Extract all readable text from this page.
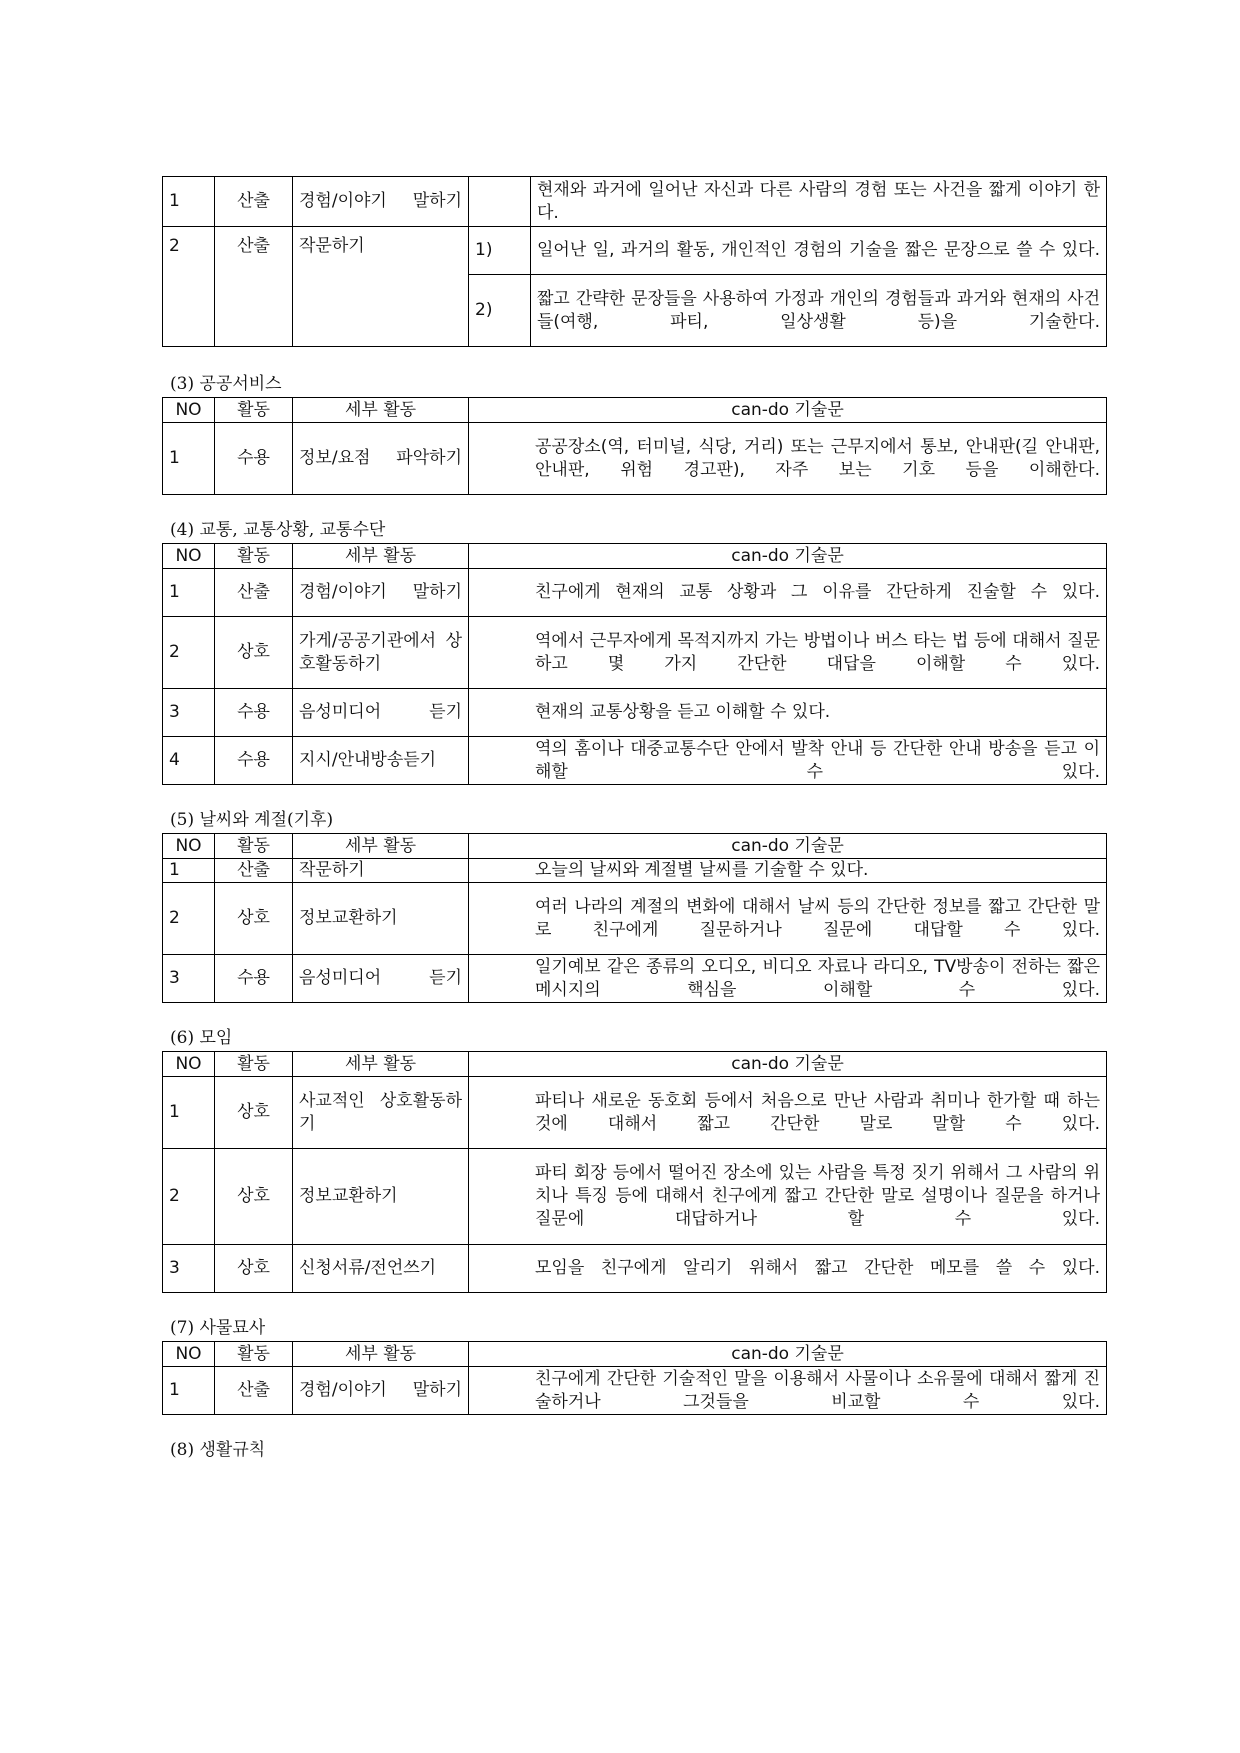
1	산출	경험/이야기 말하기		현재와 과거에 일어난 자신과 다른 사람의 경험 또는 사건을 짧게 이야기 한다.
2	산출	작문하기	1)	일어난 일, 과거의 활동, 개인적인 경험의 기술을 짧은 문장으로 쓸 수 있다.
			2)	짧고 간략한 문장들을 사용하여 가정과 개인의 경험들과 과거와 현재의 사건들(여행, 파티, 일상생활 등)을 기술한다.
(3) 공공서비스
NO	활동	세부 활동	can-do 기술문
1	수용	정보/요점 파악하기	공공장소(역, 터미널, 식당, 거리) 또는 근무지에서 통보, 안내판(길 안내판, 안내판, 위험 경고판), 자주 보는 기호 등을 이해한다.
(4) 교통, 교통상황, 교통수단
NO	활동	세부 활동	can-do 기술문
1	산출	경험/이야기 말하기	친구에게 현재의 교통 상황과 그 이유를 간단하게 진술할 수 있다.
2	상호	가게/공공기관에서 상호활동하기	역에서 근무자에게 목적지까지 가는 방법이나 버스 타는 법 등에 대해서 질문하고 몇 가지 간단한 대답을 이해할 수 있다.
3	수용	음성미디어 듣기	현재의 교통상황을 듣고 이해할 수 있다.
4	수용	지시/안내방송듣기	역의 홈이나 대중교통수단 안에서 발착 안내 등 간단한 안내 방송을 듣고 이해할 수 있다.
(5) 날씨와 계절(기후)
NO	활동	세부 활동	can-do 기술문
1	산출	작문하기	오늘의 날씨와 계절별 날씨를 기술할 수 있다.
2	상호	정보교환하기	여러 나라의 계절의 변화에 대해서 날씨 등의 간단한 정보를 짧고 간단한 말로 친구에게 질문하거나 질문에 대답할 수 있다.
3	수용	음성미디어 듣기	일기예보 같은 종류의 오디오, 비디오 자료나 라디오, TV방송이 전하는 짧은 메시지의 핵심을 이해할 수 있다.
(6) 모임
NO	활동	세부 활동	can-do 기술문
1	상호	사교적인 상호활동하기	파티나 새로운 동호회 등에서 처음으로 만난 사람과 취미나 한가할 때 하는 것에 대해서 짧고 간단한 말로 말할 수 있다.
2	상호	정보교환하기	파티 회장 등에서 떨어진 장소에 있는 사람을 특정 짓기 위해서 그 사람의 위치나 특징 등에 대해서 친구에게 짧고 간단한 말로 설명이나 질문을 하거나 질문에 대답하거나 할 수 있다.
3	상호	신청서류/전언쓰기	모임을 친구에게 알리기 위해서 짧고 간단한 메모를 쓸 수 있다.
(7) 사물묘사
NO	활동	세부 활동	can-do 기술문
1	산출	경험/이야기 말하기	친구에게 간단한 기술적인 말을 이용해서 사물이나 소유물에 대해서 짧게 진술하거나 그것들을 비교할 수 있다.
(8) 생활규칙
